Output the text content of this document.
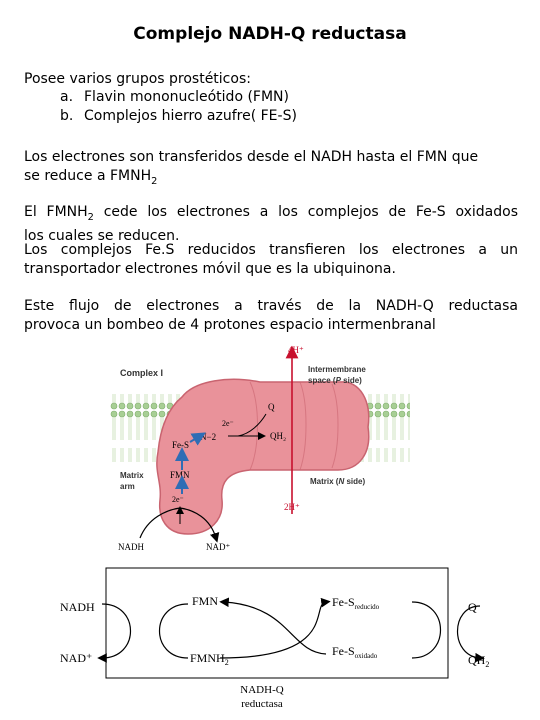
Complejo NADH-Q reductasa
Posee varios grupos prostéticos:
a. Flavin mononucleótido (FMN)
b. Complejos hierro azufre( FE-S)
Los electrones son transferidos desde el NADH hasta el FMN que
se reduce a $FMNH_2$
El $FMNH_2$ cede los electrones a los complejos de Fe-S oxidados
los cuales se reducen.
Los complejos Fe.S reducidos transfieren los electrones a un
transportador electrones móvil que es la ubiquinona.
Este flujo de electrones a través de la NADH-Q reductasa
provoca un bombeo de 4 protones espacio intermenbranal
4H⁺
2H⁺
Complex I	Intermembrane
space (P side)
Q
2e⁻
N−2	QH₂
Fe-S
FMN
2e⁻
Matrix
arm
Matrix (N side)
NADH	NAD⁺
NADH
NAD⁺
FMN
$FMNH_2$
$Fe-S_{reducido}$
$Fe-S_{oxidado}$
Q
$QH_2$
NADH-Q
reductasa
